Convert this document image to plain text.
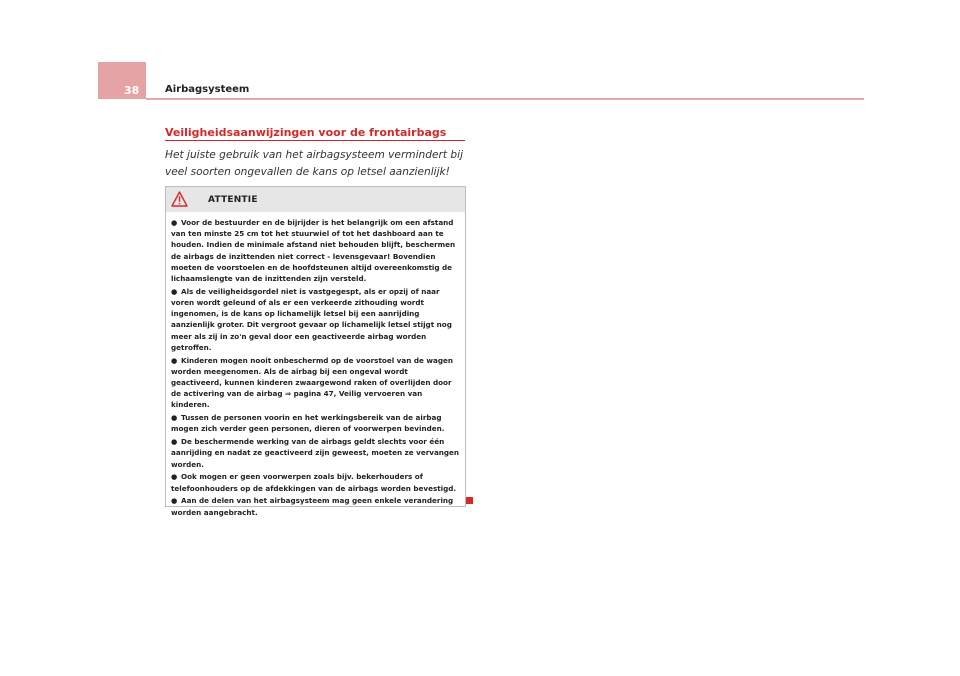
38	Airbagsysteem
Veiligheidsaanwijzingen voor de frontairbags
Het juiste gebruik van het airbagsysteem vermindert bij veel soorten ongevallen de kans op letsel aanzienlijk!
ATTENTIE
● Voor de bestuurder en de bijrijder is het belangrijk om een afstand van ten minste 25 cm tot het stuurwiel of tot het dashboard aan te houden. Indien de minimale afstand niet behouden blijft, beschermen de airbags de inzittenden niet correct - levensgevaar! Bovendien moeten de voorstoelen en de hoofdsteunen altijd overeenkomstig de lichaamslengte van de inzittenden zijn versteld.
● Als de veiligheidsgordel niet is vastgegespt, als er opzij of naar voren wordt geleund of als er een verkeerde zithouding wordt ingenomen, is de kans op lichamelijk letsel bij een aanrijding aanzienlijk groter. Dit vergroot gevaar op lichamelijk letsel stijgt nog meer als zij in zo'n geval door een geactiveerde airbag worden getroffen.
● Kinderen mogen nooit onbeschermd op de voorstoel van de wagen worden meegenomen. Als de airbag bij een ongeval wordt geactiveerd, kunnen kinderen zwaargewond raken of overlijden door de activering van de airbag ⇒ pagina 47, Veilig vervoeren van kinderen.
● Tussen de personen voorin en het werkingsbereik van de airbag mogen zich verder geen personen, dieren of voorwerpen bevinden.
● De beschermende werking van de airbags geldt slechts voor één aanrijding en nadat ze geactiveerd zijn geweest, moeten ze vervangen worden.
● Ook mogen er geen voorwerpen zoals bijv. bekerhouders of telefoonhouders op de afdekkingen van de airbags worden bevestigd.
● Aan de delen van het airbagsysteem mag geen enkele verandering worden aangebracht.
